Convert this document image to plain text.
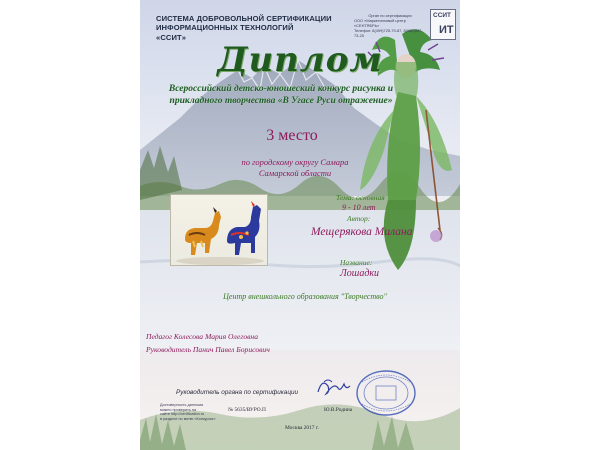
СИСТЕМА ДОБРОВОЛЬНОЙ СЕРТИФИКАЦИИ
ИНФОРМАЦИОННЫХ ТЕХНОЛОГИЙ
«ССИТ»
Орган по сертификации
ООО «Маркетинговый центр «СЕНТЯБРЬ»
Телефон: 8(499)725-79-87, 8(962)907-73-25
ССИТ
ИТ
Диплом
Всероссийский детско-юношеский конкурс рисунка и
прикладного творчества «В Угасе Руси отражение»
3 место
по городскому округу Самара
Самарской области
Тема: основная
9 - 10 лет
Автор:
Мещерякова Милана
Название:
Лошадки
Центр внешкольного образования "Творчество"
Педагог Колесова Мария Олеговна
Руководитель Панич Павел Борисович
Руководитель органа по сертификации
Достоверность диплома
можно проверить на
сайте http://certification.ru
в разделе по меню «Конкурсы».
№ 5635/ВУРО.П	Ю.В.Родина
Москва 2017 г.
